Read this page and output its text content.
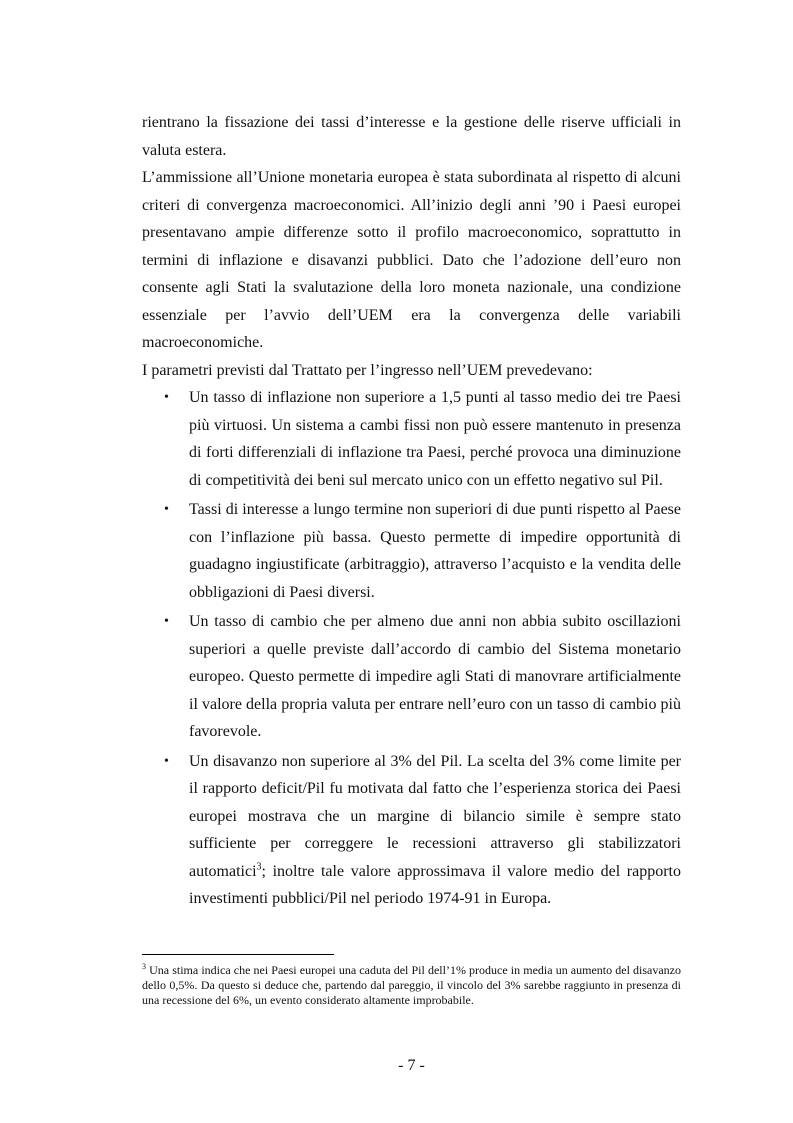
rientrano la fissazione dei tassi d’interesse e la gestione delle riserve ufficiali in valuta estera.

L’ammissione all’Unione monetaria europea è stata subordinata al rispetto di alcuni criteri di convergenza macroeconomici. All’inizio degli anni ’90 i Paesi europei presentavano ampie differenze sotto il profilo macroeconomico, soprattutto in termini di inflazione e disavanzi pubblici. Dato che l’adozione dell’euro non consente agli Stati la svalutazione della loro moneta nazionale, una condizione essenziale per l’avvio dell’UEM era la convergenza delle variabili macroeconomiche.

I parametri previsti dal Trattato per l’ingresso nell’UEM prevedevano:

• Un tasso di inflazione non superiore a 1,5 punti al tasso medio dei tre Paesi più virtuosi. Un sistema a cambi fissi non può essere mantenuto in presenza di forti differenziali di inflazione tra Paesi, perché provoca una diminuzione di competitività dei beni sul mercato unico con un effetto negativo sul Pil.
• Tassi di interesse a lungo termine non superiori di due punti rispetto al Paese con l’inflazione più bassa. Questo permette di impedire opportunità di guadagno ingiustificate (arbitraggio), attraverso l’acquisto e la vendita delle obbligazioni di Paesi diversi.
• Un tasso di cambio che per almeno due anni non abbia subito oscillazioni superiori a quelle previste dall’accordo di cambio del Sistema monetario europeo. Questo permette di impedire agli Stati di manovrare artificialmente il valore della propria valuta per entrare nell’euro con un tasso di cambio più favorevole.
• Un disavanzo non superiore al 3% del Pil. La scelta del 3% come limite per il rapporto deficit/Pil fu motivata dal fatto che l’esperienza storica dei Paesi europei mostrava che un margine di bilancio simile è sempre stato sufficiente per correggere le recessioni attraverso gli stabilizzatori automatici$^3$; inoltre tale valore approssimava il valore medio del rapporto investimenti pubblici/Pil nel periodo 1974-91 in Europa.
$^3$ Una stima indica che nei Paesi europei una caduta del Pil dell’1% produce in media un aumento del disavanzo dello 0,5%. Da questo si deduce che, partendo dal pareggio, il vincolo del 3% sarebbe raggiunto in presenza di una recessione del 6%, un evento considerato altamente improbabile.
- 7 -
